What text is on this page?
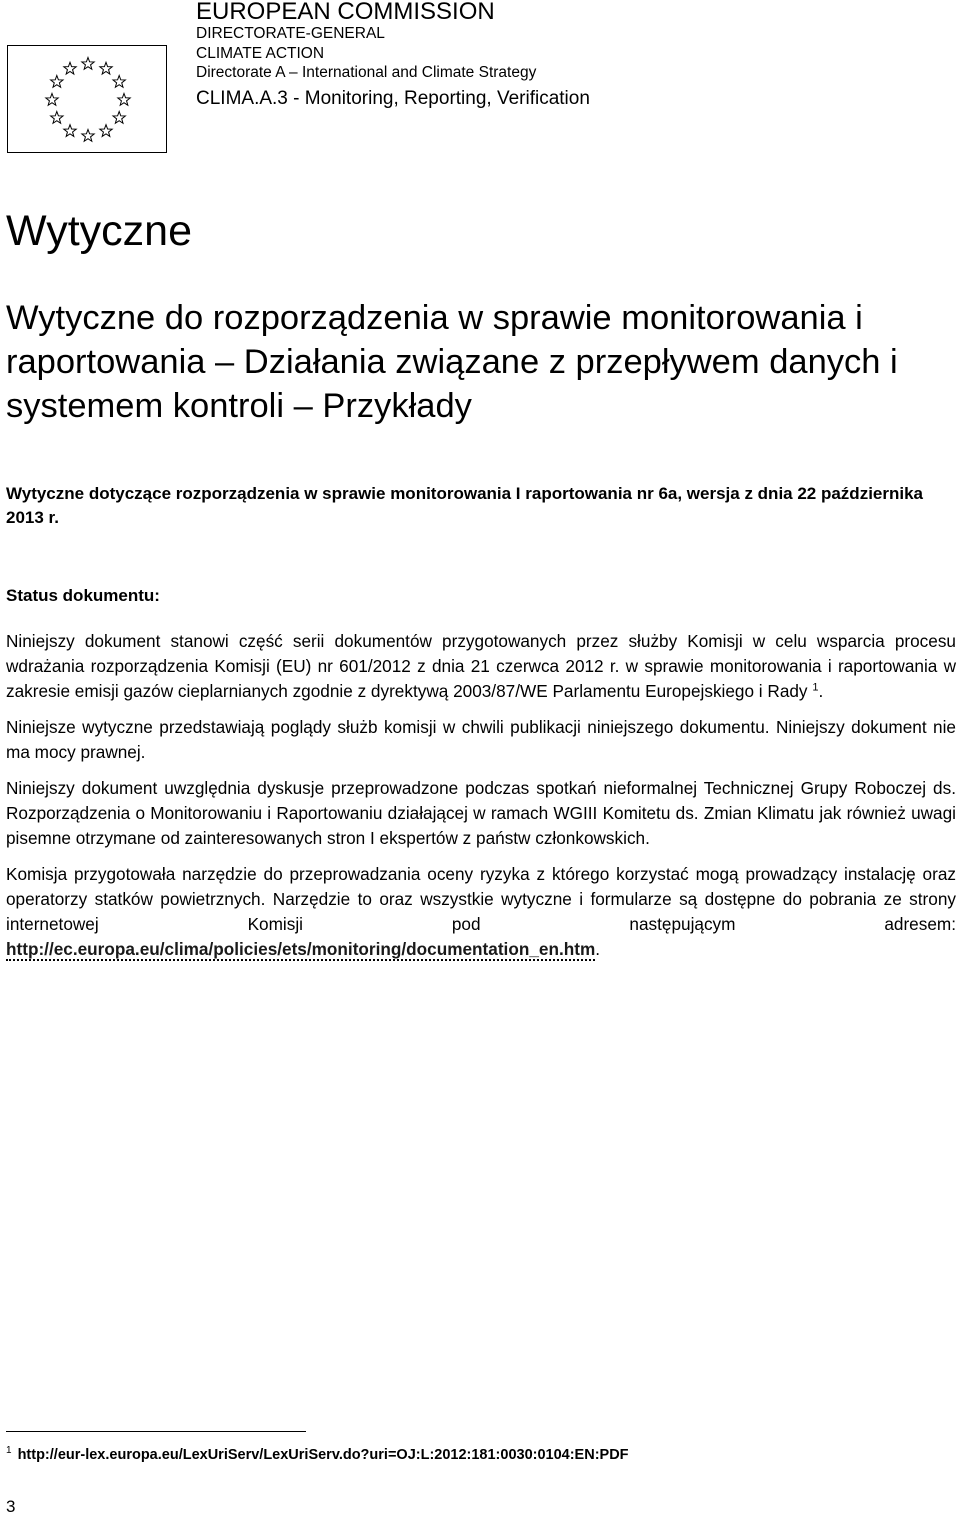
EUROPEAN COMMISSION
DIRECTORATE-GENERAL
CLIMATE ACTION
Directorate A – International and Climate Strategy
CLIMA.A.3 - Monitoring, Reporting, Verification
Wytyczne
Wytyczne do rozporządzenia w sprawie monitorowania i raportowania – Działania związane z przepływem danych i systemem kontroli – Przykłady

Wytyczne dotyczące rozporządzenia w sprawie monitorowania I raportowania nr 6a, wersja z dnia 22 października 2013 r.

Status dokumentu:

Niniejszy dokument stanowi część serii dokumentów przygotowanych przez służby Komisji w celu wsparcia procesu wdrażania rozporządzenia Komisji (EU) nr 601/2012 z dnia 21 czerwca 2012 r. w sprawie monitorowania i raportowania w zakresie emisji gazów cieplarnianych zgodnie z dyrektywą 2003/87/WE Parlamentu Europejskiego i Rady $^1$.

Niniejsze wytyczne przedstawiają poglądy służb komisji w chwili publikacji niniejszego dokumentu. Niniejszy dokument nie ma mocy prawnej.

Niniejszy dokument uwzględnia dyskusje przeprowadzone podczas spotkań nieformalnej Technicznej Grupy Roboczej ds. Rozporządzenia o Monitorowaniu i Raportowaniu działającej w ramach WGIII Komitetu ds. Zmian Klimatu jak również uwagi pisemne otrzymane od zainteresowanych stron I ekspertów z państw członkowskich.

Komisja przygotowała narzędzie do przeprowadzania oceny ryzyka z którego korzystać mogą prowadzący instalację oraz operatorzy statków powietrznych. Narzędzie to oraz wszystkie wytyczne i formularze są dostępne do pobrania ze strony internetowej Komisji pod następującym adresem: http://ec.europa.eu/clima/policies/ets/monitoring/documentation_en.htm.

$^1$ http://eur-lex.europa.eu/LexUriServ/LexUriServ.do?uri=OJ:L:2012:181:0030:0104:EN:PDF
3
